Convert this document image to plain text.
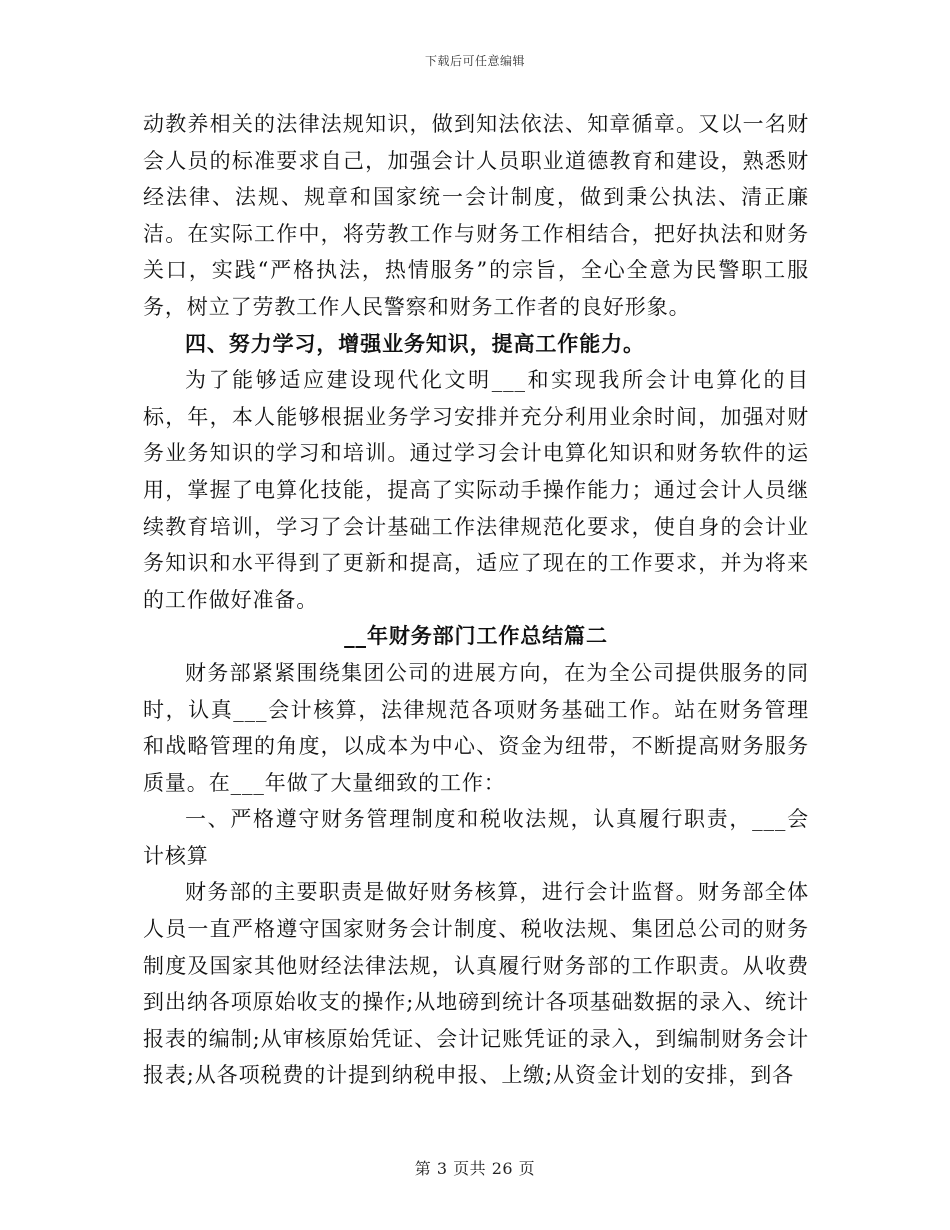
下载后可任意编辑

动教养相关的法律法规知识，做到知法依法、知章循章。又以一名财会人员的标准要求自己，加强会计人员职业道德教育和建设，熟悉财经法律、法规、规章和国家统一会计制度，做到秉公执法、清正廉洁。在实际工作中，将劳教工作与财务工作相结合，把好执法和财务关口，实践“严格执法，热情服务”的宗旨，全心全意为民警职工服务，树立了劳教工作人民警察和财务工作者的良好形象。

四、努力学习，增强业务知识，提高工作能力。

为了能够适应建设现代化文明___和实现我所会计电算化的目标，年，本人能够根据业务学习安排并充分利用业余时间，加强对财务业务知识的学习和培训。通过学习会计电算化知识和财务软件的运用，掌握了电算化技能，提高了实际动手操作能力；通过会计人员继续教育培训，学习了会计基础工作法律规范化要求，使自身的会计业务知识和水平得到了更新和提高，适应了现在的工作要求，并为将来的工作做好准备。

__年财务部门工作总结篇二

财务部紧紧围绕集团公司的进展方向，在为全公司提供服务的同时，认真___会计核算，法律规范各项财务基础工作。站在财务管理和战略管理的角度，以成本为中心、资金为纽带，不断提高财务服务质量。在___年做了大量细致的工作：

一、严格遵守财务管理制度和税收法规，认真履行职责，___会计核算

财务部的主要职责是做好财务核算，进行会计监督。财务部全体人员一直严格遵守国家财务会计制度、税收法规、集团总公司的财务制度及国家其他财经法律法规，认真履行财务部的工作职责。从收费到出纳各项原始收支的操作;从地磅到统计各项基础数据的录入、统计报表的编制;从审核原始凭证、会计记账凭证的录入，到编制财务会计报表;从各项税费的计提到纳税申报、上缴;从资金计划的安排，到各

第 3 页共 26 页
